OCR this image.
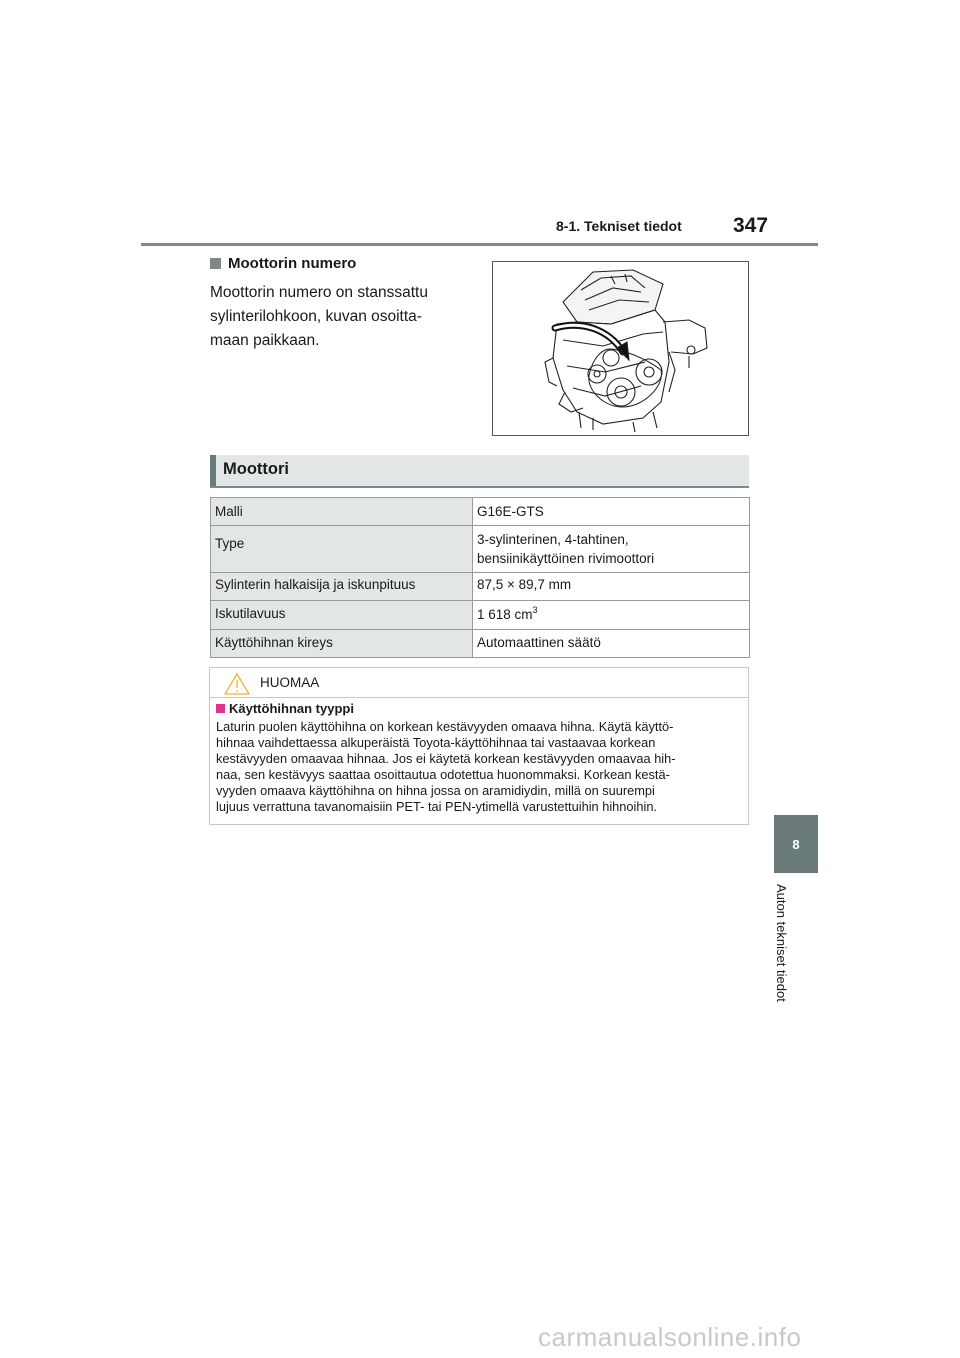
8-1. Tekniset tiedot 347
8
Auton tekniset tiedot
Moottorin numero
Moottorin numero on stanssattu
sylinterilohkoon, kuvan osoitta-
maan paikkaan.
Moottori
Malli	G16E-GTS
Type	3-sylinterinen, 4-tahtinen,
bensiinikäyttöinen rivimoottori

Sylinterin halkaisija ja iskunpituus	87,5 × 89,7 mm
Iskutilavuus	1 618 $cm^3$
Käyttöhihnan kireys	Automaattinen säätö
HUOMAA
Käyttöhihnan tyyppi
Laturin puolen käyttöhihna on korkean kestävyyden omaava hihna. Käytä käyttö-
hihnaa vaihdettaessa alkuperäistä Toyota-käyttöhihnaa tai vastaavaa korkean
kestävyyden omaavaa hihnaa. Jos ei käytetä korkean kestävyyden omaavaa hih-
naa, sen kestävyys saattaa osoittautua odotettua huonommaksi. Korkean kestä-
vyyden omaava käyttöhihna on hihna jossa on aramidiydin, millä on suurempi
lujuus verrattuna tavanomaisiin PET- tai PEN-ytimellä varustettuihin hihnoihin.
carmanualsonline.info
